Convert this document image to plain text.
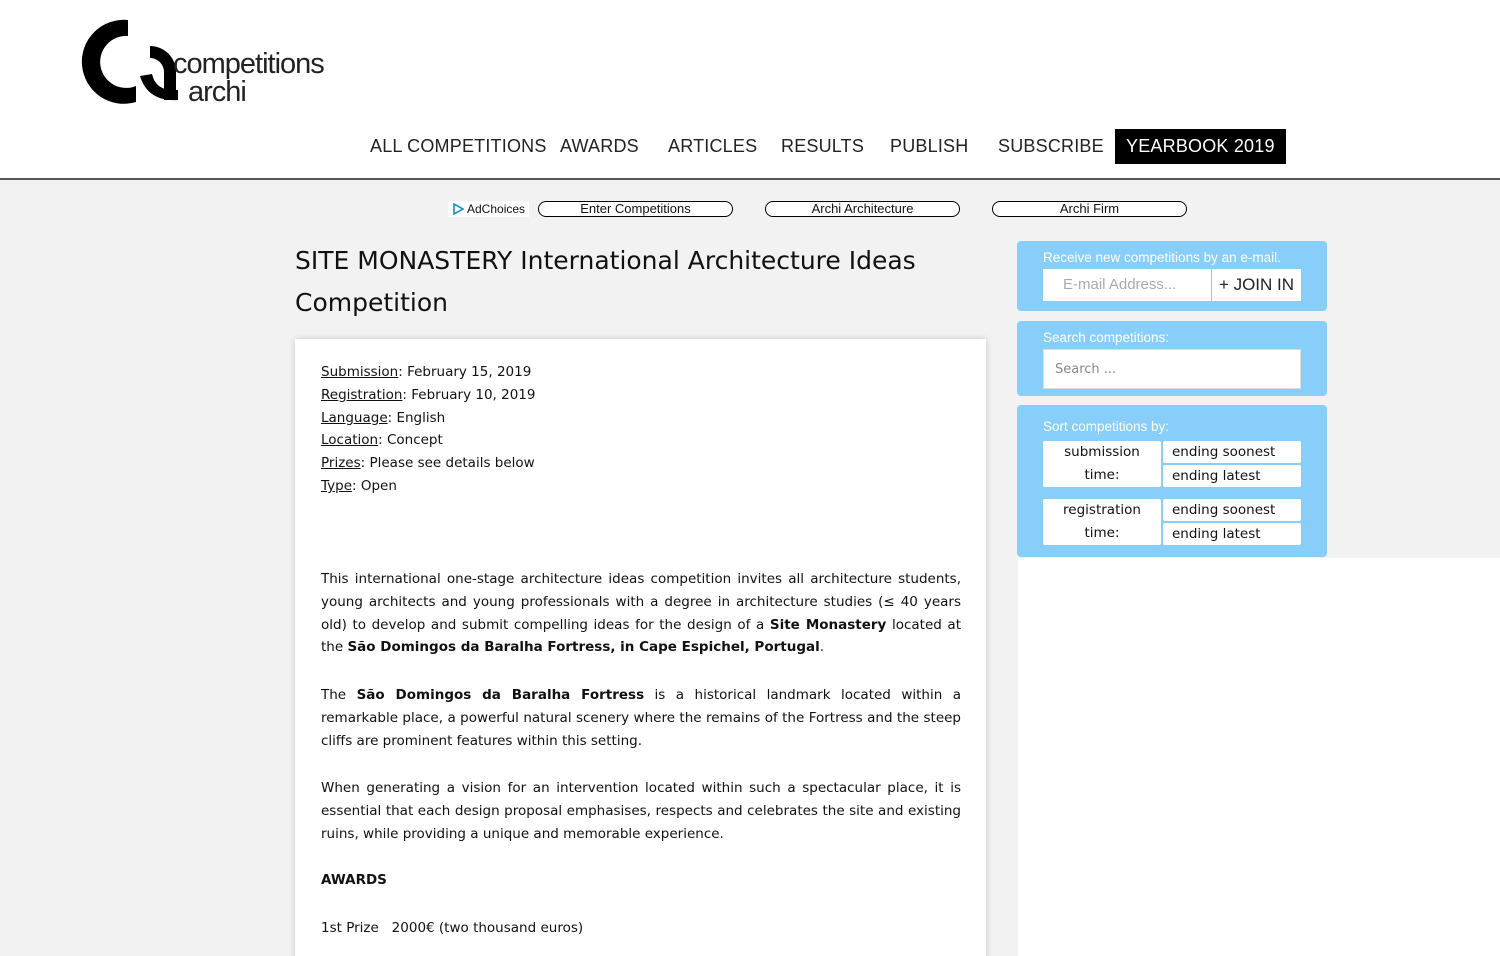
competitions
archi
ALL COMPETITIONS AWARDS ARTICLES RESULTS PUBLISH SUBSCRIBE	YEARBOOK 2019
AdChoices	Enter Competitions	Archi Architecture	Archi Firm
SITE MONASTERY International Architecture Ideas Competition
Submission: February 15, 2019
Registration: February 10, 2019
Language: English
Location: Concept
Prizes: Please see details below
Type: Open

This international one-stage architecture ideas competition invites all architecture students, young architects and young professionals with a degree in architecture studies (≤ 40 years old) to develop and submit compelling ideas for the design of a Site Monastery located at the São Domingos da Baralha Fortress, in Cape Espichel, Portugal.

The São Domingos da Baralha Fortress is a historical landmark located within a remarkable place, a powerful natural scenery where the remains of the Fortress and the steep cliffs are prominent features within this setting.

When generating a vision for an intervention located within such a spectacular place, it is essential that each design proposal emphasises, respects and celebrates the site and existing ruins, while providing a unique and memorable experience.

AWARDS

1st Prize   2000€ (two thousand euros)

Receive new competitions by an e-mail.
E-mail Address...	+ JOIN IN
Search competitions:
Search ...
Sort competitions by:
submission
time:
ending soonest
ending latest
registration
time:
ending soonest
ending latest
